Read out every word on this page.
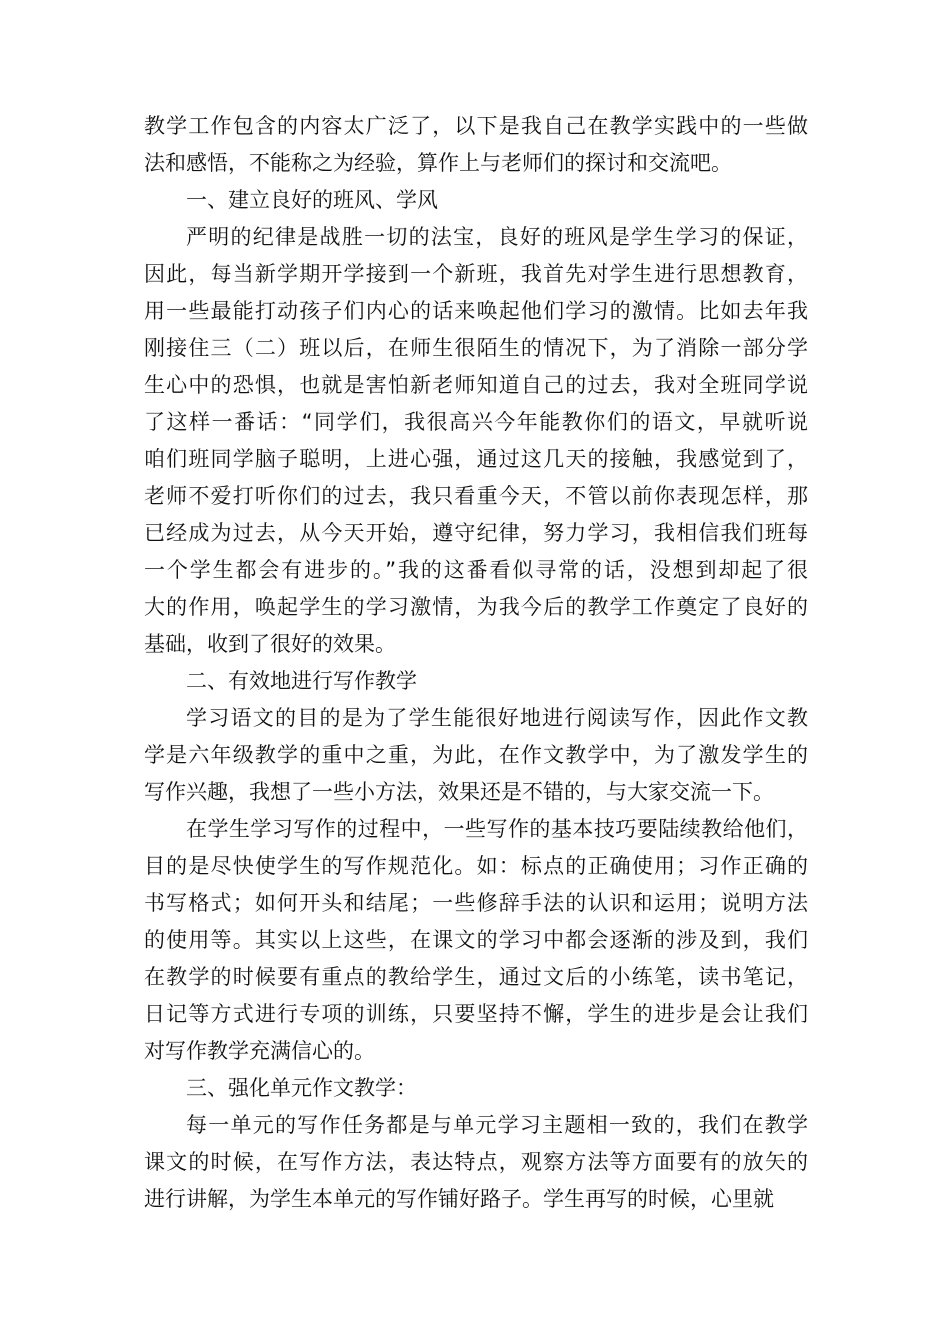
教学工作包含的内容太广泛了，以下是我自己在教学实践中的一些做
法和感悟，不能称之为经验，算作上与老师们的探讨和交流吧。
一、建立良好的班风、学风
严明的纪律是战胜一切的法宝，良好的班风是学生学习的保证，
因此，每当新学期开学接到一个新班，我首先对学生进行思想教育，
用一些最能打动孩子们内心的话来唤起他们学习的激情。比如去年我
刚接住三（二）班以后，在师生很陌生的情况下，为了消除一部分学
生心中的恐惧，也就是害怕新老师知道自己的过去，我对全班同学说
了这样一番话：“同学们，我很高兴今年能教你们的语文，早就听说
咱们班同学脑子聪明，上进心强，通过这几天的接触，我感觉到了，
老师不爱打听你们的过去，我只看重今天，不管以前你表现怎样，那
已经成为过去，从今天开始，遵守纪律，努力学习，我相信我们班每
一个学生都会有进步的。”我的这番看似寻常的话，没想到却起了很
大的作用，唤起学生的学习激情，为我今后的教学工作奠定了良好的
基础，收到了很好的效果。
二、有效地进行写作教学
学习语文的目的是为了学生能很好地进行阅读写作，因此作文教
学是六年级教学的重中之重，为此，在作文教学中，为了激发学生的
写作兴趣，我想了一些小方法，效果还是不错的，与大家交流一下。
在学生学习写作的过程中，一些写作的基本技巧要陆续教给他们，
目的是尽快使学生的写作规范化。如：标点的正确使用；习作正确的
书写格式；如何开头和结尾；一些修辞手法的认识和运用；说明方法
的使用等。其实以上这些，在课文的学习中都会逐渐的涉及到，我们
在教学的时候要有重点的教给学生，通过文后的小练笔，读书笔记，
日记等方式进行专项的训练，只要坚持不懈，学生的进步是会让我们
对写作教学充满信心的。
三、强化单元作文教学：
每一单元的写作任务都是与单元学习主题相一致的，我们在教学
课文的时候，在写作方法，表达特点，观察方法等方面要有的放矢的
进行讲解，为学生本单元的写作铺好路子。学生再写的时候，心里就
